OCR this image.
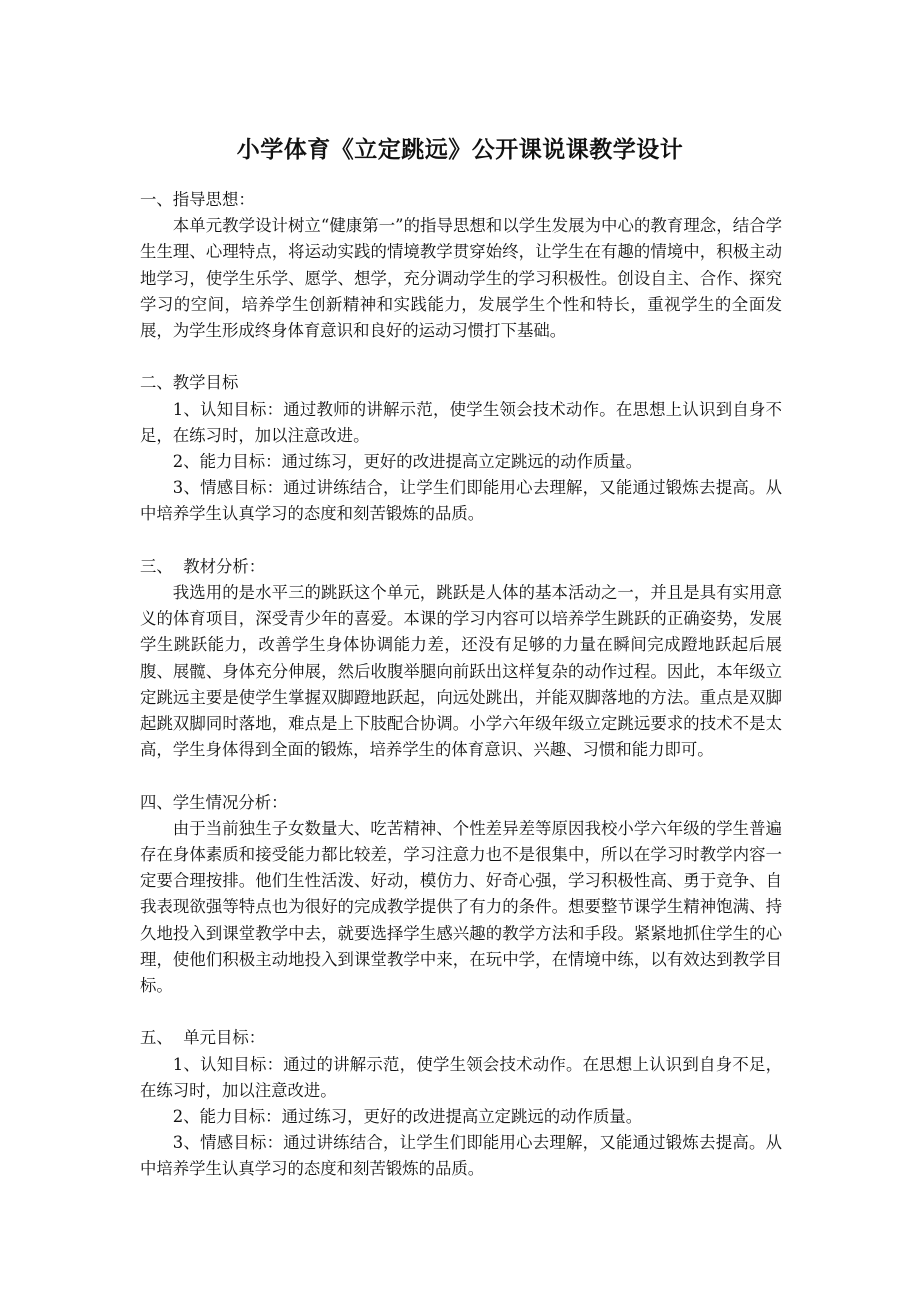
小学体育《立定跳远》公开课说课教学设计

一、指导思想：

本单元教学设计树立“健康第一”的指导思想和以学生发展为中心的教育理念，结合学生生理、心理特点，将运动实践的情境教学贯穿始终，让学生在有趣的情境中，积极主动地学习，使学生乐学、愿学、想学，充分调动学生的学习积极性。创设自主、合作、探究学习的空间，培养学生创新精神和实践能力，发展学生个性和特长，重视学生的全面发展，为学生形成终身体育意识和良好的运动习惯打下基础。

二、教学目标

1、认知目标：通过教师的讲解示范，使学生领会技术动作。在思想上认识到自身不足，在练习时，加以注意改进。

2、能力目标：通过练习，更好的改进提高立定跳远的动作质量。

3、情感目标：通过讲练结合，让学生们即能用心去理解，又能通过锻炼去提高。从中培养学生认真学习的态度和刻苦锻炼的品质。

三、  教材分析：

我选用的是水平三的跳跃这个单元，跳跃是人体的基本活动之一，并且是具有实用意义的体育项目，深受青少年的喜爱。本课的学习内容可以培养学生跳跃的正确姿势，发展学生跳跃能力，改善学生身体协调能力差，还没有足够的力量在瞬间完成蹬地跃起后展腹、展髋、身体充分伸展，然后收腹举腿向前跃出这样复杂的动作过程。因此，本年级立定跳远主要是使学生掌握双脚蹬地跃起，向远处跳出，并能双脚落地的方法。重点是双脚起跳双脚同时落地，难点是上下肢配合协调。小学六年级年级立定跳远要求的技术不是太高，学生身体得到全面的锻炼，培养学生的体育意识、兴趣、习惯和能力即可。

四、学生情况分析：

由于当前独生子女数量大、吃苦精神、个性差异差等原因我校小学六年级的学生普遍存在身体素质和接受能力都比较差，学习注意力也不是很集中，所以在学习时教学内容一定要合理按排。他们生性活泼、好动，模仿力、好奇心强，学习积极性高、勇于竞争、自我表现欲强等特点也为很好的完成教学提供了有力的条件。想要整节课学生精神饱满、持久地投入到课堂教学中去，就要选择学生感兴趣的教学方法和手段。紧紧地抓住学生的心理，使他们积极主动地投入到课堂教学中来，在玩中学，在情境中练，以有效达到教学目标。

五、  单元目标：

1、认知目标：通过的讲解示范，使学生领会技术动作。在思想上认识到自身不足，在练习时，加以注意改进。

2、能力目标：通过练习，更好的改进提高立定跳远的动作质量。

3、情感目标：通过讲练结合，让学生们即能用心去理解，又能通过锻炼去提高。从中培养学生认真学习的态度和刻苦锻炼的品质。
